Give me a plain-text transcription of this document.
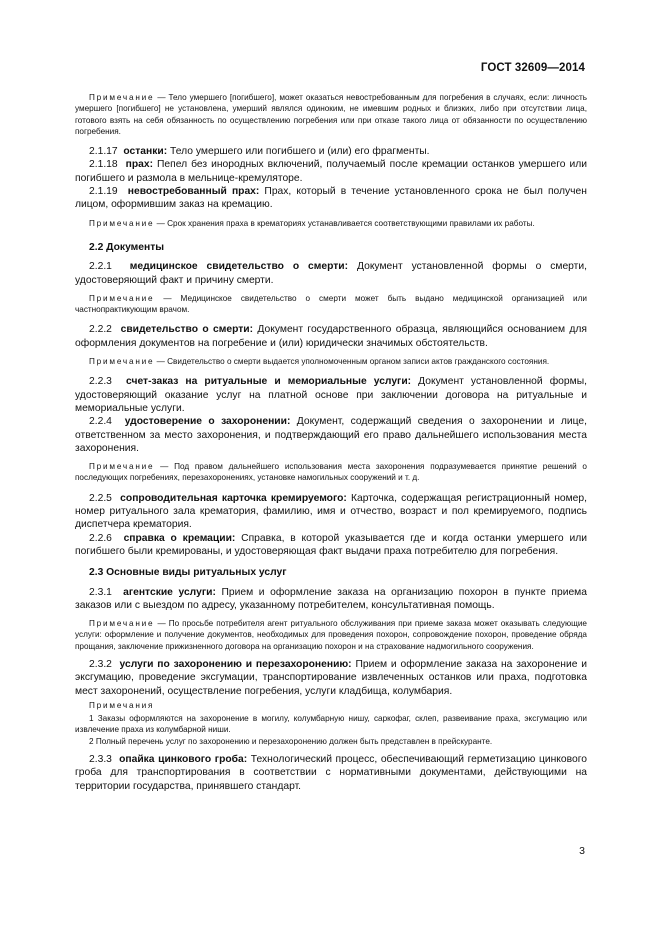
ГОСТ 32609—2014

Примечание — Тело умершего [погибшего], может оказаться невостребованным для погребения в случаях, если: личность умершего [погибшего] не установлена, умерший являлся одиноким, не имевшим родных и близких, либо при отсутствии лица, готового взять на себя обязанность по осуществлению погребения или при отказе такого лица от обязанности по осуществлению погребения.

2.1.17 останки: Тело умершего или погибшего и (или) его фрагменты.

2.1.18 прах: Пепел без инородных включений, получаемый после кремации останков умершего или погибшего и размола в мельнице-кремуляторе.

2.1.19 невостребованный прах: Прах, который в течение установленного срока не был получен лицом, оформившим заказ на кремацию.

Примечание — Срок хранения праха в крематориях устанавливается соответствующими правилами их работы.

2.2 Документы

2.2.1 медицинское свидетельство о смерти: Документ установленной формы о смерти, удостоверяющий факт и причину смерти.

Примечание — Медицинское свидетельство о смерти может быть выдано медицинской организацией или частнопрактикующим врачом.

2.2.2 свидетельство о смерти: Документ государственного образца, являющийся основанием для оформления документов на погребение и (или) юридически значимых обстоятельств.

Примечание — Свидетельство о смерти выдается уполномоченным органом записи актов гражданского состояния.

2.2.3 счет-заказ на ритуальные и мемориальные услуги: Документ установленной формы, удостоверяющий оказание услуг на платной основе при заключении договора на ритуальные и мемориальные услуги.

2.2.4 удостоверение о захоронении: Документ, содержащий сведения о захоронении и лице, ответственном за место захоронения, и подтверждающий его право дальнейшего использования места захоронения.

Примечание — Под правом дальнейшего использования места захоронения подразумевается принятие решений о последующих погребениях, перезахоронениях, установке намогильных сооружений и т. д.

2.2.5 сопроводительная карточка кремируемого: Карточка, содержащая регистрационный номер, номер ритуального зала крематория, фамилию, имя и отчество, возраст и пол кремируемого, подпись диспетчера крематория.

2.2.6 справка о кремации: Справка, в которой указывается где и когда останки умершего или погибшего были кремированы, и удостоверяющая факт выдачи праха потребителю для погребения.

2.3 Основные виды ритуальных услуг

2.3.1 агентские услуги: Прием и оформление заказа на организацию похорон в пункте приема заказов или с выездом по адресу, указанному потребителем, консультативная помощь.

Примечание — По просьбе потребителя агент ритуального обслуживания при приеме заказа может оказывать следующие услуги: оформление и получение документов, необходимых для проведения похорон, сопровождение похорон, проведение обряда прощания, заключение прижизненного договора на организацию похорон и на страхование надмогильного сооружения.

2.3.2 услуги по захоронению и перезахоронению: Прием и оформление заказа на захоронение и эксгумацию, проведение эксгумации, транспортирование извлеченных останков или праха, подготовка мест захоронений, осуществление погребения, услуги кладбища, колумбария.

Примечания

1 Заказы оформляются на захоронение в могилу, колумбарную нишу, саркофаг, склеп, развеивание праха, эксгумацию или извлечение праха из колумбарной ниши.

2 Полный перечень услуг по захоронению и перезахоронению должен быть представлен в прейскуранте.

2.3.3 опайка цинкового гроба: Технологический процесс, обеспечивающий герметизацию цинкового гроба для транспортирования в соответствии с нормативными документами, действующими на территории государства, принявшего стандарт.

3
